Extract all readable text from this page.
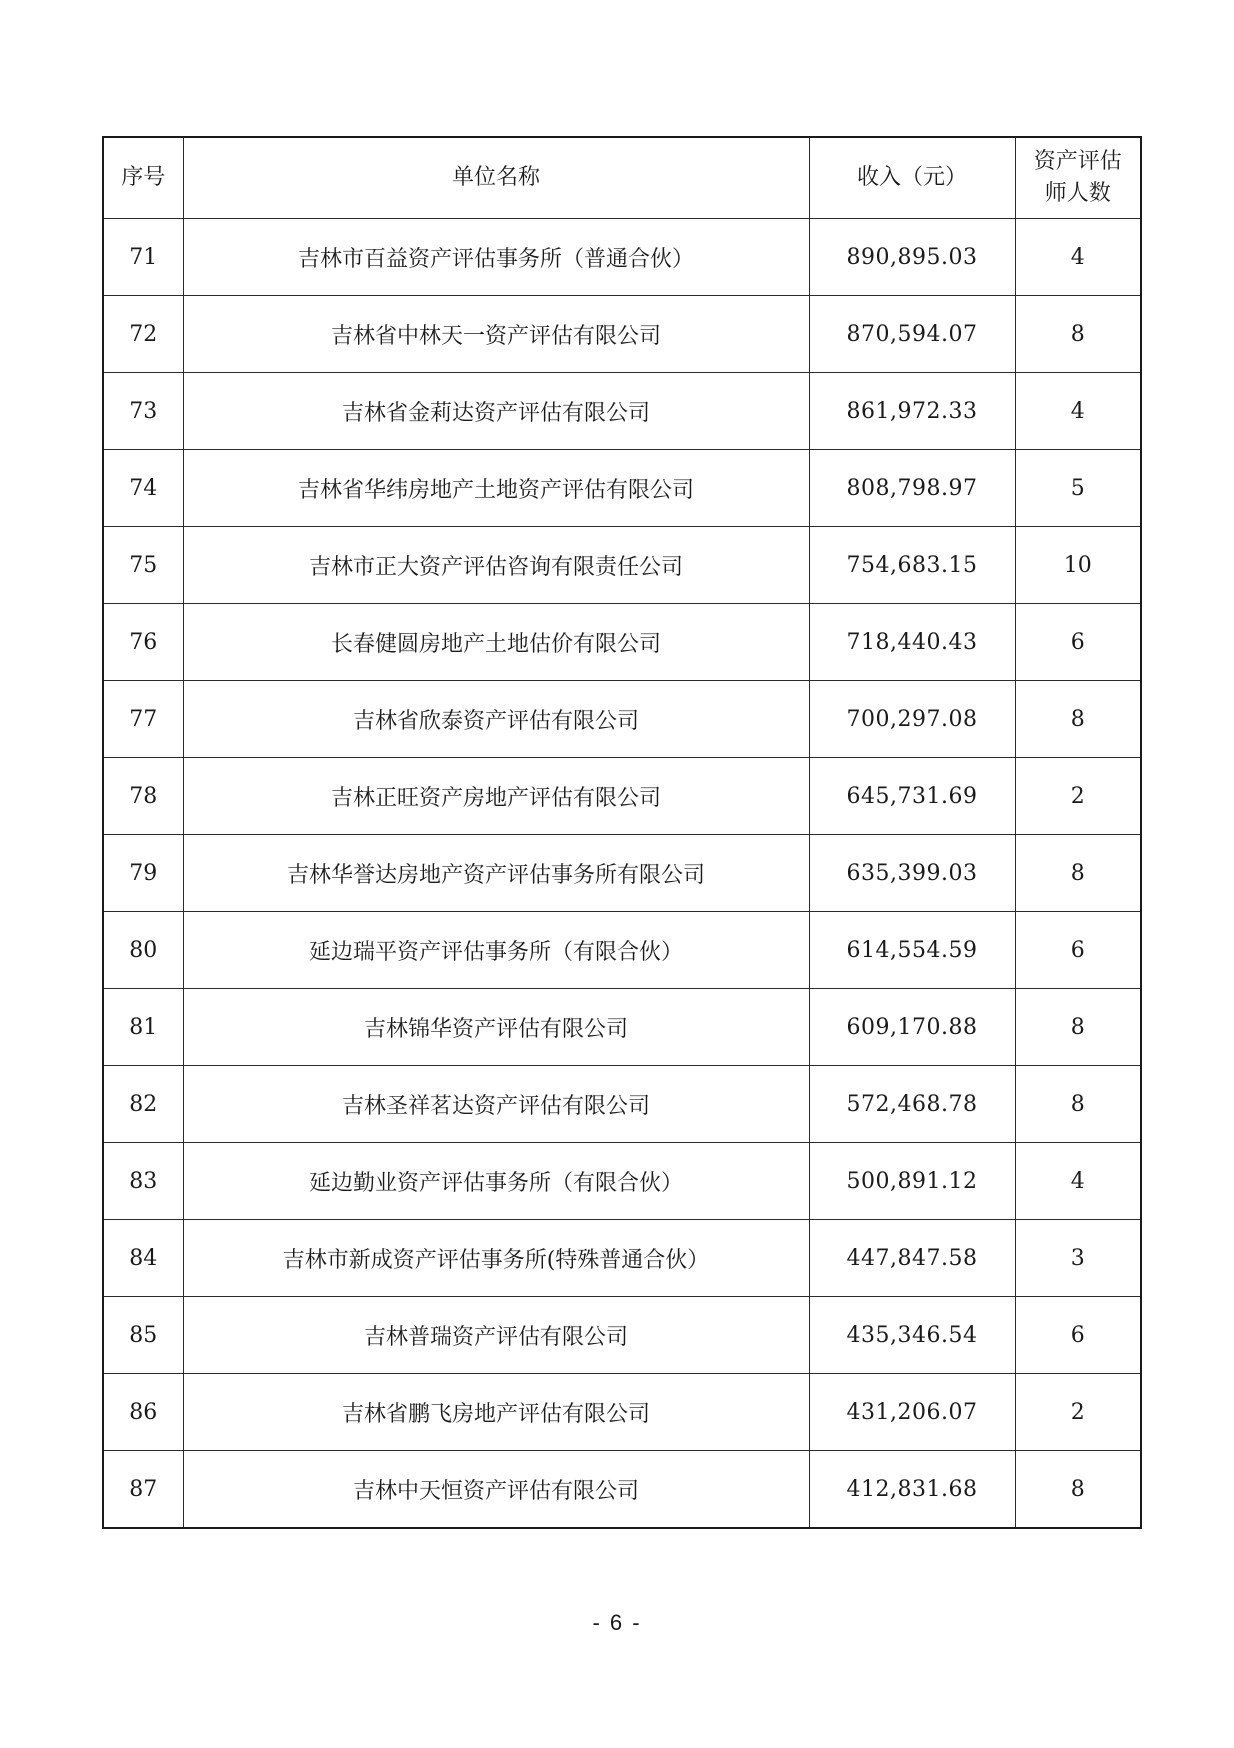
序号	单位名称	收入（元）	资产评估师人数
71	吉林市百益资产评估事务所（普通合伙）	890,895.03	4
72	吉林省中林天一资产评估有限公司	870,594.07	8
73	吉林省金莉达资产评估有限公司	861,972.33	4
74	吉林省华纬房地产土地资产评估有限公司	808,798.97	5
75	吉林市正大资产评估咨询有限责任公司	754,683.15	10
76	长春健圆房地产土地估价有限公司	718,440.43	6
77	吉林省欣泰资产评估有限公司	700,297.08	8
78	吉林正旺资产房地产评估有限公司	645,731.69	2
79	吉林华誉达房地产资产评估事务所有限公司	635,399.03	8
80	延边瑞平资产评估事务所（有限合伙）	614,554.59	6
81	吉林锦华资产评估有限公司	609,170.88	8
82	吉林圣祥茗达资产评估有限公司	572,468.78	8
83	延边勤业资产评估事务所（有限合伙）	500,891.12	4
84	吉林市新成资产评估事务所(特殊普通合伙）	447,847.58	3
85	吉林普瑞资产评估有限公司	435,346.54	6
86	吉林省鹏飞房地产评估有限公司	431,206.07	2
87	吉林中天恒资产评估有限公司	412,831.68	8
- 6 -
